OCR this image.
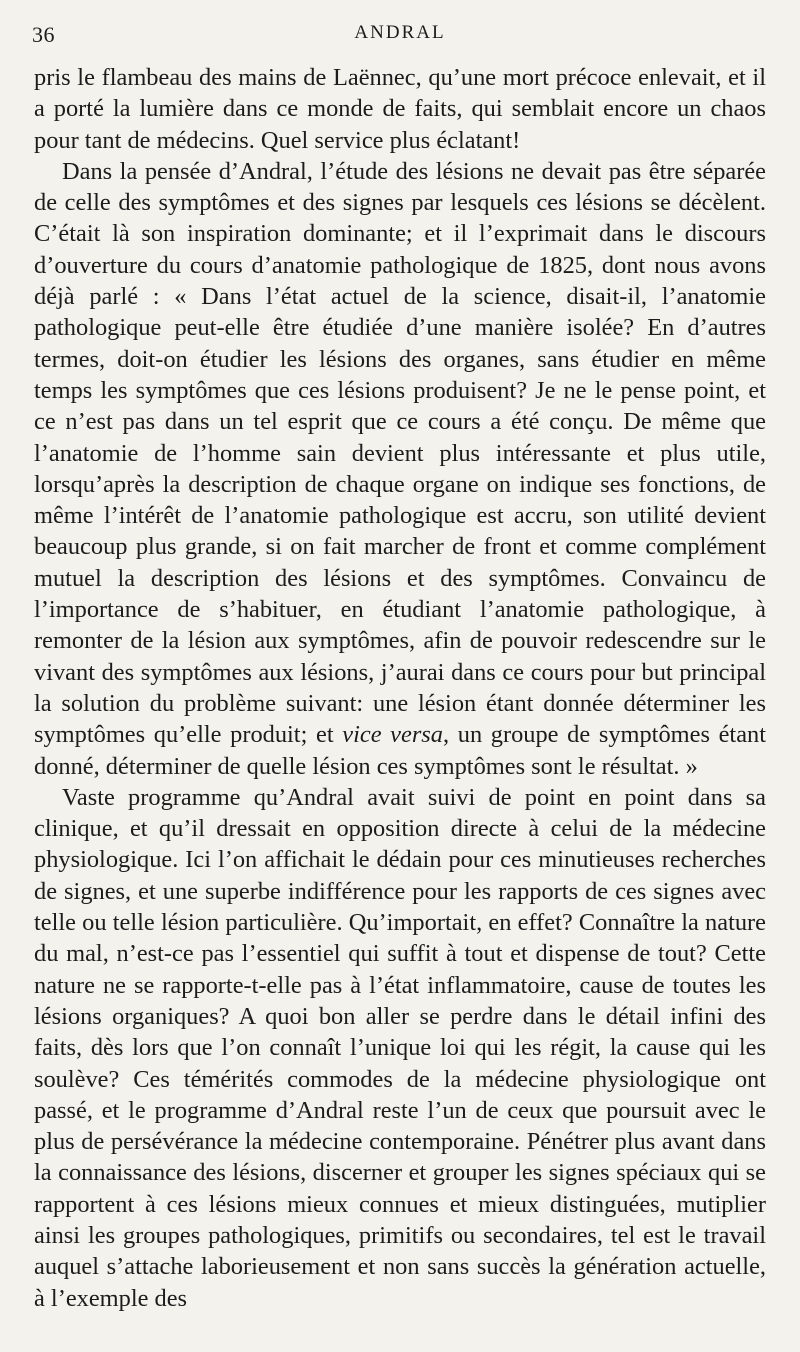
36	ANDRAL

pris le flambeau des mains de Laënnec, qu’une mort précoce enlevait, et il a porté la lumière dans ce monde de faits, qui semblait encore un chaos pour tant de médecins. Quel service plus éclatant!

Dans la pensée d’Andral, l’étude des lésions ne devait pas être séparée de celle des symptômes et des signes par lesquels ces lésions se décèlent. C’était là son inspiration dominante; et il l’exprimait dans le discours d’ouverture du cours d’anatomie pathologique de 1825, dont nous avons déjà parlé : « Dans l’état actuel de la science, disait-il, l’anatomie pathologique peut-elle être étudiée d’une manière isolée? En d’autres termes, doit-on étudier les lésions des organes, sans étudier en même temps les symptômes que ces lésions produisent? Je ne le pense point, et ce n’est pas dans un tel esprit que ce cours a été conçu. De même que l’anatomie de l’homme sain devient plus intéressante et plus utile, lorsqu’après la description de chaque organe on indique ses fonctions, de même l’intérêt de l’anatomie pathologique est accru, son utilité devient beaucoup plus grande, si on fait marcher de front et comme complément mutuel la description des lésions et des symptômes. Convaincu de l’importance de s’habituer, en étudiant l’anatomie pathologique, à remonter de la lésion aux symptômes, afin de pouvoir redescendre sur le vivant des symptômes aux lésions, j’aurai dans ce cours pour but principal la solution du problème suivant: une lésion étant donnée déterminer les symptômes qu’elle produit; et vice versa, un groupe de symptômes étant donné, déterminer de quelle lésion ces symptômes sont le résultat. »

Vaste programme qu’Andral avait suivi de point en point dans sa clinique, et qu’il dressait en opposition directe à celui de la médecine physiologique. Ici l’on affichait le dédain pour ces minutieuses recherches de signes, et une superbe indifférence pour les rapports de ces signes avec telle ou telle lésion particulière. Qu’importait, en effet? Connaître la nature du mal, n’est-ce pas l’essentiel qui suffit à tout et dispense de tout? Cette nature ne se rapporte-t-elle pas à l’état inflammatoire, cause de toutes les lésions organiques? A quoi bon aller se perdre dans le détail infini des faits, dès lors que l’on connaît l’unique loi qui les régit, la cause qui les soulève? Ces témérités commodes de la médecine physiologique ont passé, et le programme d’Andral reste l’un de ceux que poursuit avec le plus de persévérance la médecine contemporaine. Pénétrer plus avant dans la connaissance des lésions, discerner et grouper les signes spéciaux qui se rapportent à ces lésions mieux connues et mieux distinguées, mutiplier ainsi les groupes pathologiques, primitifs ou secondaires, tel est le travail auquel s’attache laborieusement et non sans succès la génération actuelle, à l’exemple des
